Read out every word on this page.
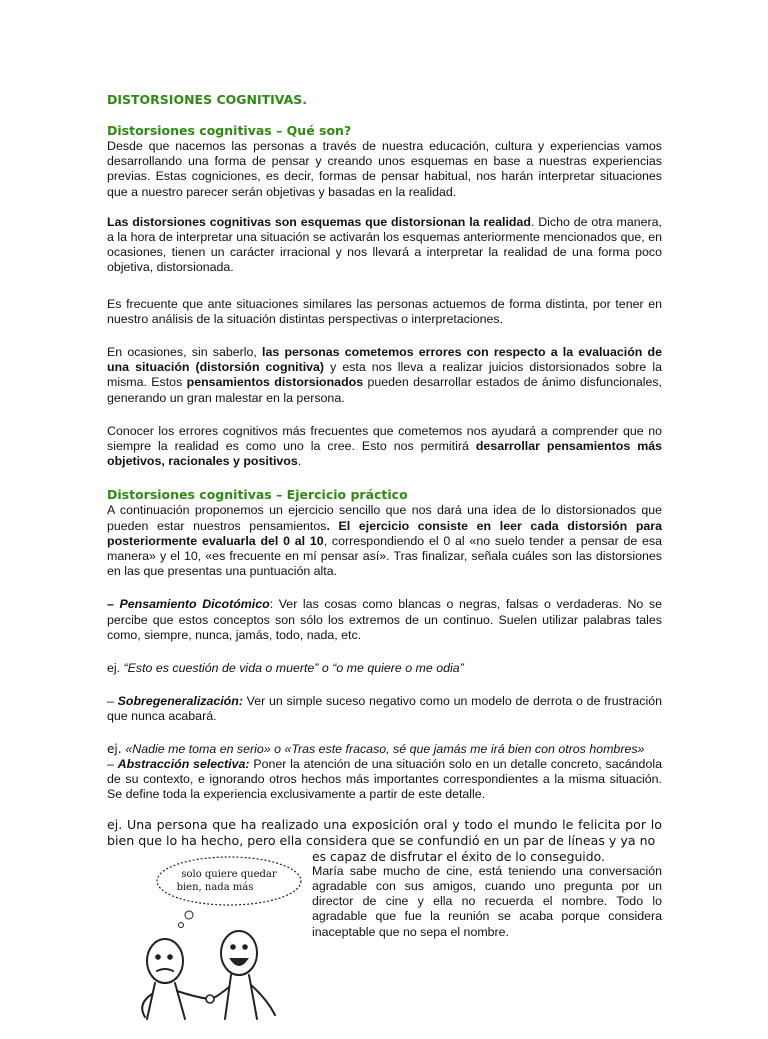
DISTORSIONES COGNITIVAS.
Distorsiones cognitivas – Qué son?

Desde que nacemos las personas a través de nuestra educación, cultura y experiencias vamos desarrollando una forma de pensar y creando unos esquemas en base a nuestras experiencias previas. Estas cogniciones, es decir, formas de pensar habitual, nos harán interpretar situaciones que a nuestro parecer serán objetivas y basadas en la realidad.

Las distorsiones cognitivas son esquemas que distorsionan la realidad. Dicho de otra manera, a la hora de interpretar una situación se activarán los esquemas anteriormente mencionados que, en ocasiones, tienen un carácter irracional y nos llevará a interpretar la realidad de una forma poco objetiva, distorsionada.

Es frecuente que ante situaciones similares las personas actuemos de forma distinta, por tener en nuestro análisis de la situación distintas perspectivas o interpretaciones.

En ocasiones, sin saberlo, las personas cometemos errores con respecto a la evaluación de una situación (distorsión cognitiva) y esta nos lleva a realizar juicios distorsionados sobre la misma. Estos pensamientos distorsionados pueden desarrollar estados de ánimo disfuncionales, generando un gran malestar en la persona.

Conocer los errores cognitivos más frecuentes que cometemos nos ayudará a comprender que no siempre la realidad es como uno la cree. Esto nos permitirá desarrollar pensamientos más objetivos, racionales y positivos.

Distorsiones cognitivas – Ejercicio práctico

A continuación proponemos un ejercicio sencillo que nos dará una idea de lo distorsionados que pueden estar nuestros pensamientos. El ejercicio consiste en leer cada distorsión para posteriormente evaluarla del 0 al 10, correspondiendo el 0 al «no suelo tender a pensar de esa manera» y el 10, «es frecuente en mí pensar así». Tras finalizar, señala cuáles son las distorsiones en las que presentas una puntuación alta.

– Pensamiento Dicotómico: Ver las cosas como blancas o negras, falsas o verdaderas. No se percibe que estos conceptos son sólo los extremos de un continuo. Suelen utilizar palabras tales como, siempre, nunca, jamás, todo, nada, etc.

ej. “Esto es cuestión de vida o muerte” o “o me quiere o me odia”

– Sobregeneralización: Ver un simple suceso negativo como un modelo de derrota o de frustración que nunca acabará.

ej. «Nadie me toma en serio» o «Tras este fracaso, sé que jamás me irá bien con otros hombres»

– Abstracción selectiva: Poner la atención de una situación solo en un detalle concreto, sacándola de su contexto, e ignorando otros hechos más importantes correspondientes a la misma situación. Se define toda la experiencia exclusivamente a partir de este detalle.

ej. Una persona que ha realizado una exposición oral y todo el mundo le felicita por lo bien que lo ha hecho, pero ella considera que se confundió en un par de líneas y ya no

solo quiere quedar
bien, nada más

es capaz de disfrutar el éxito de lo conseguido.

María sabe mucho de cine, está teniendo una conversación agradable con sus amigos, cuando uno pregunta por un director de cine y ella no recuerda el nombre. Todo lo agradable que fue la reunión se acaba porque considera inaceptable que no sepa el nombre.
